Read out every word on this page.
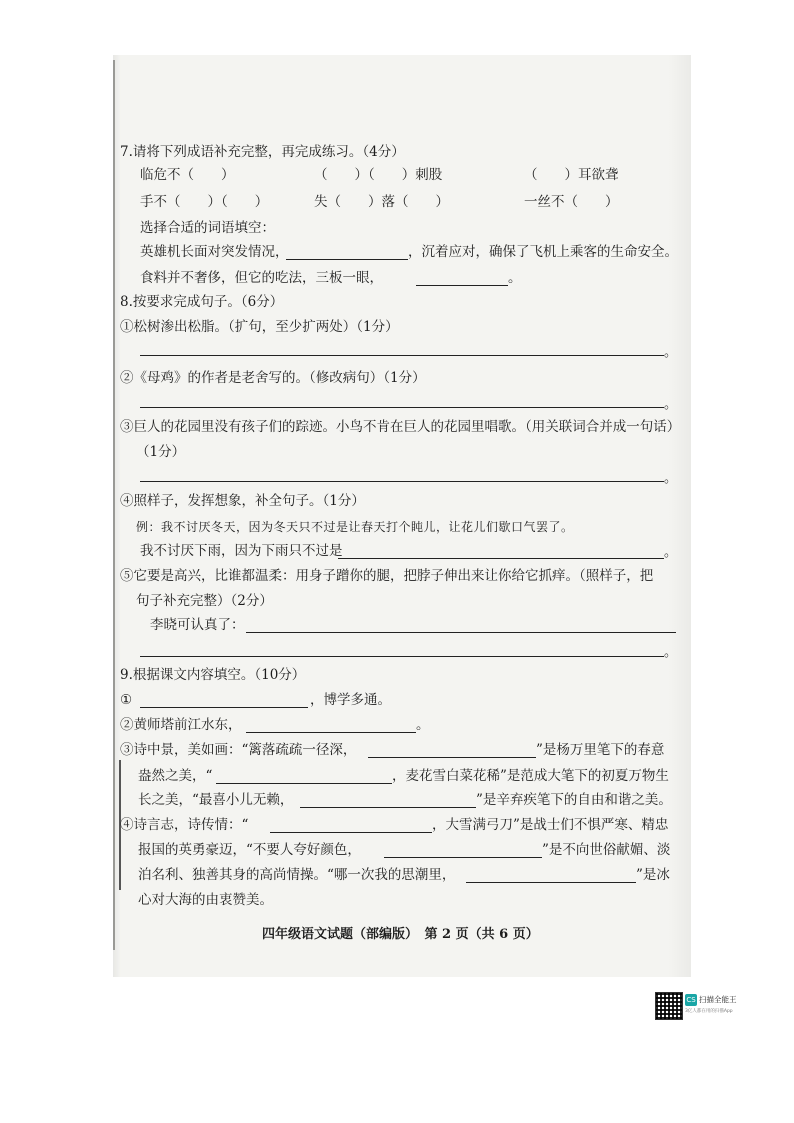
7.请将下列成语补充完整，再完成练习。（4分）
临危不（　　）	（　　）（　　）刺股	（　　）耳欲聋
手不（　　）（　　）	失（　　）落（　　）	一丝不（　　）
选择合适的词语填空：
英雄机长面对突发情况，	，沉着应对，确保了飞机上乘客的生命安全。
食料并不奢侈，但它的吃法，三板一眼，	。
8.按要求完成句子。（6分）
①松树渗出松脂。（扩句，至少扩两处）（1分）
。
②《母鸡》的作者是老舍写的。（修改病句）（1分）
。
③巨人的花园里没有孩子们的踪迹。小鸟不肯在巨人的花园里唱歌。（用关联词合并成一句话）
（1分）
。
④照样子，发挥想象，补全句子。（1分）
例：我不讨厌冬天，因为冬天只不过是让春天打个盹儿，让花儿们歇口气罢了。
我不讨厌下雨，因为下雨只不过是	。
⑤它要是高兴，比谁都温柔：用身子蹭你的腿，把脖子伸出来让你给它抓痒。（照样子，把
句子补充完整）（2分）
李晓可认真了：
。
9.根据课文内容填空。（10分）
①	，博学多通。
②黄师塔前江水东，	。
③诗中景，美如画：“篱落疏疏一径深，	”是杨万里笔下的春意
盎然之美，“	，麦花雪白菜花稀”是范成大笔下的初夏万物生
长之美，“最喜小儿无赖，	”是辛弃疾笔下的自由和谐之美。
④诗言志，诗传情：“	，大雪满弓刀”是战士们不惧严寒、精忠
报国的英勇豪迈，“不要人夸好颜色，	”是不向世俗献媚、淡
泊名利、独善其身的高尚情操。“哪一次我的思潮里，	”是冰
心对大海的由衷赞美。
四年级语文试题（部编版）　第 2 页（共 6 页）
CS 扫描全能王
3亿人都在用的扫描App
